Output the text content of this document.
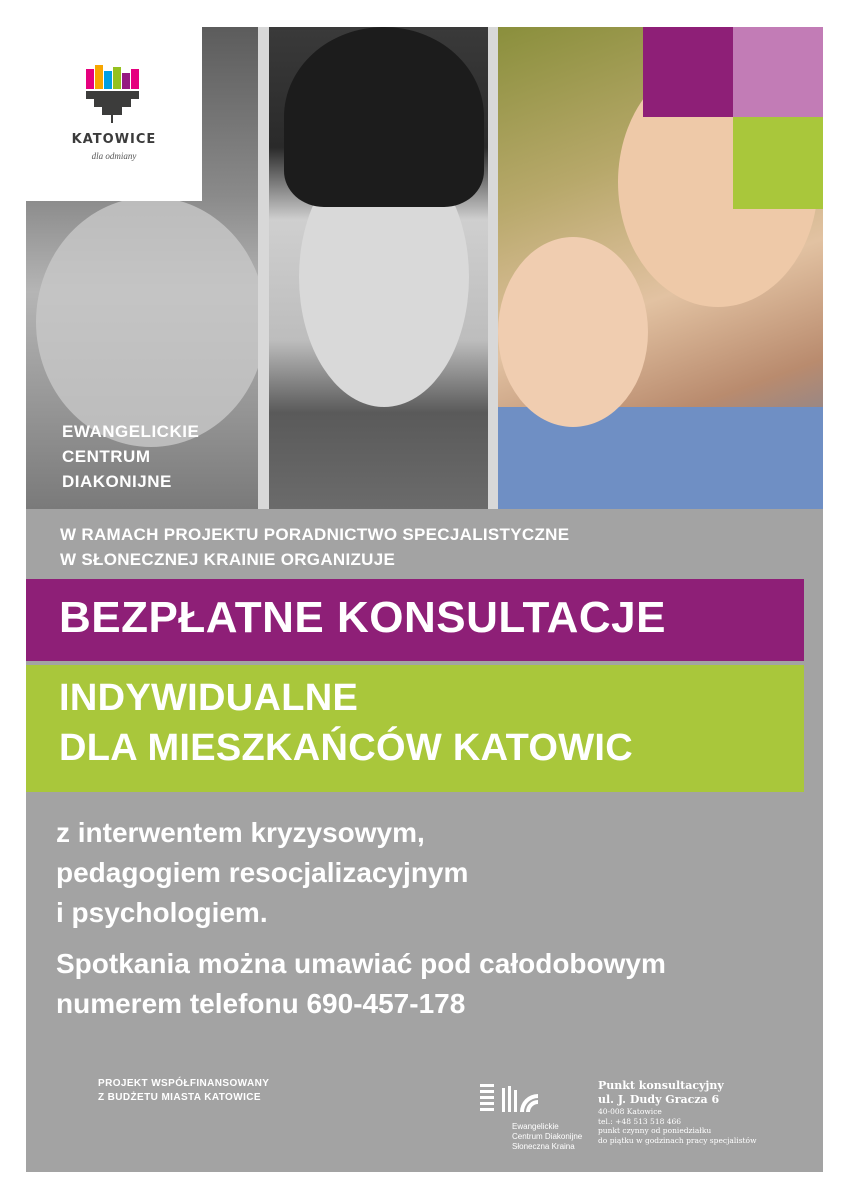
KATOWICE
dla odmiany
EWANGELICKIE
CENTRUM
DIAKONIJNE
W RAMACH PROJEKTU PORADNICTWO SPECJALISTYCZNE
W SŁONECZNEJ KRAINIE ORGANIZUJE
BEZPŁATNE KONSULTACJE
INDYWIDUALNE
DLA MIESZKAŃCÓW KATOWIC
z interwentem kryzysowym,
pedagogiem resocjalizacyjnym
i psychologiem.
Spotkania można umawiać pod całodobowym
numerem telefonu 690-457-178
PROJEKT WSPÓŁFINANSOWANY
Z BUDŻETU MIASTA KATOWICE
Ewangelickie
Centrum Diakonijne
Słoneczna Kraina
Punkt konsultacyjny
ul. J. Dudy Gracza 6
40-008 Katowice
tel.: +48 513 518 466
punkt czynny od poniedziałku
do piątku w godzinach pracy specjalistów
